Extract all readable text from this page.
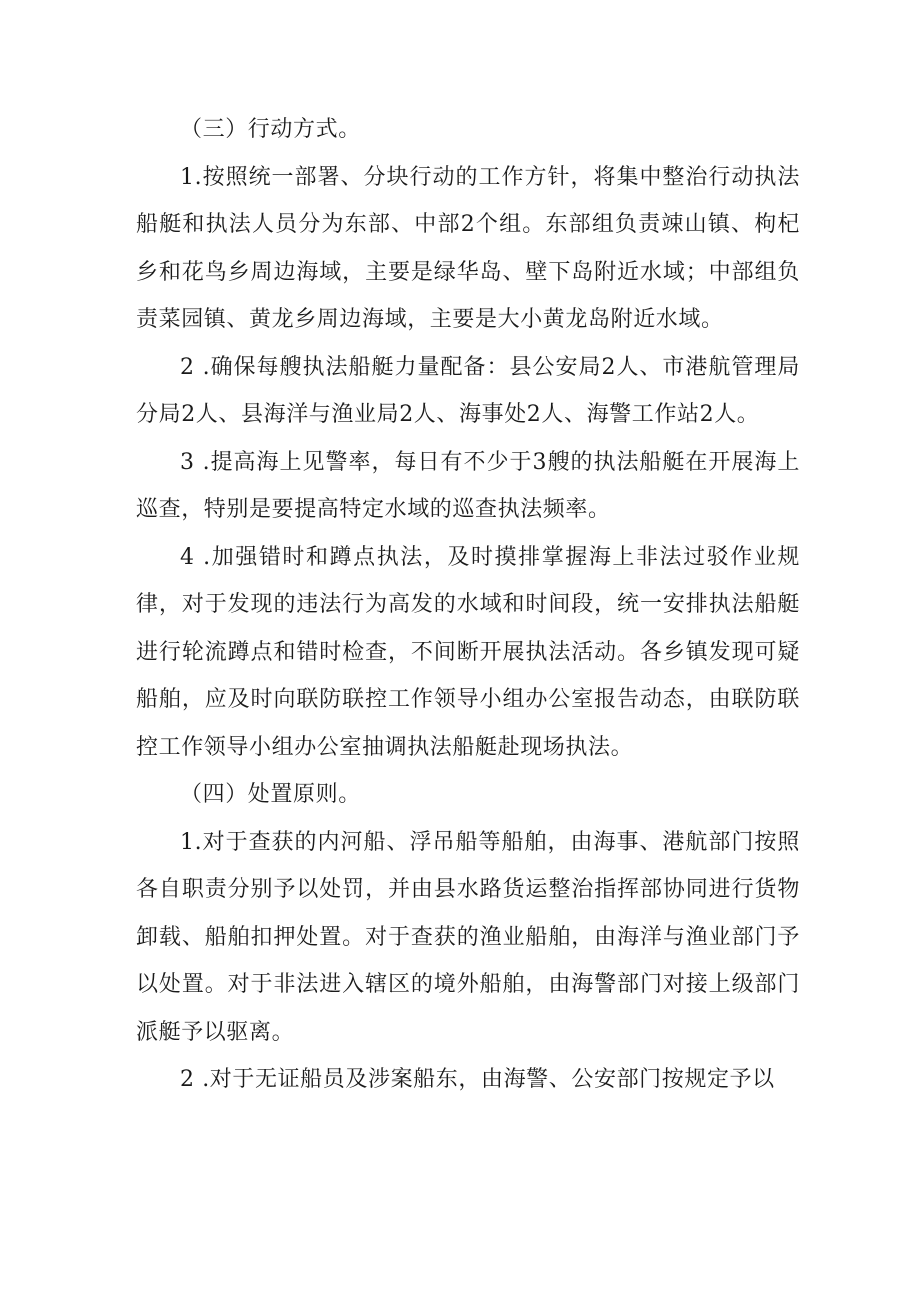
（三）行动方式。

1.按照统一部署、分块行动的工作方针，将集中整治行动执法船艇和执法人员分为东部、中部2个组。东部组负责竦山镇、枸杞乡和花鸟乡周边海域，主要是绿华岛、壁下岛附近水域；中部组负责菜园镇、黄龙乡周边海域，主要是大小黄龙岛附近水域。

2 .确保每艘执法船艇力量配备：县公安局2人、市港航管理局分局2人、县海洋与渔业局2人、海事处2人、海警工作站2人。

3 .提高海上见警率，每日有不少于3艘的执法船艇在开展海上巡查，特别是要提高特定水域的巡查执法频率。

4 .加强错时和蹲点执法，及时摸排掌握海上非法过驳作业规律，对于发现的违法行为高发的水域和时间段，统一安排执法船艇进行轮流蹲点和错时检查，不间断开展执法活动。各乡镇发现可疑船舶，应及时向联防联控工作领导小组办公室报告动态，由联防联控工作领导小组办公室抽调执法船艇赴现场执法。

（四）处置原则。

1.对于查获的内河船、浮吊船等船舶，由海事、港航部门按照各自职责分别予以处罚，并由县水路货运整治指挥部协同进行货物卸载、船舶扣押处置。对于查获的渔业船舶，由海洋与渔业部门予以处置。对于非法进入辖区的境外船舶，由海警部门对接上级部门派艇予以驱离。

2 .对于无证船员及涉案船东，由海警、公安部门按规定予以
